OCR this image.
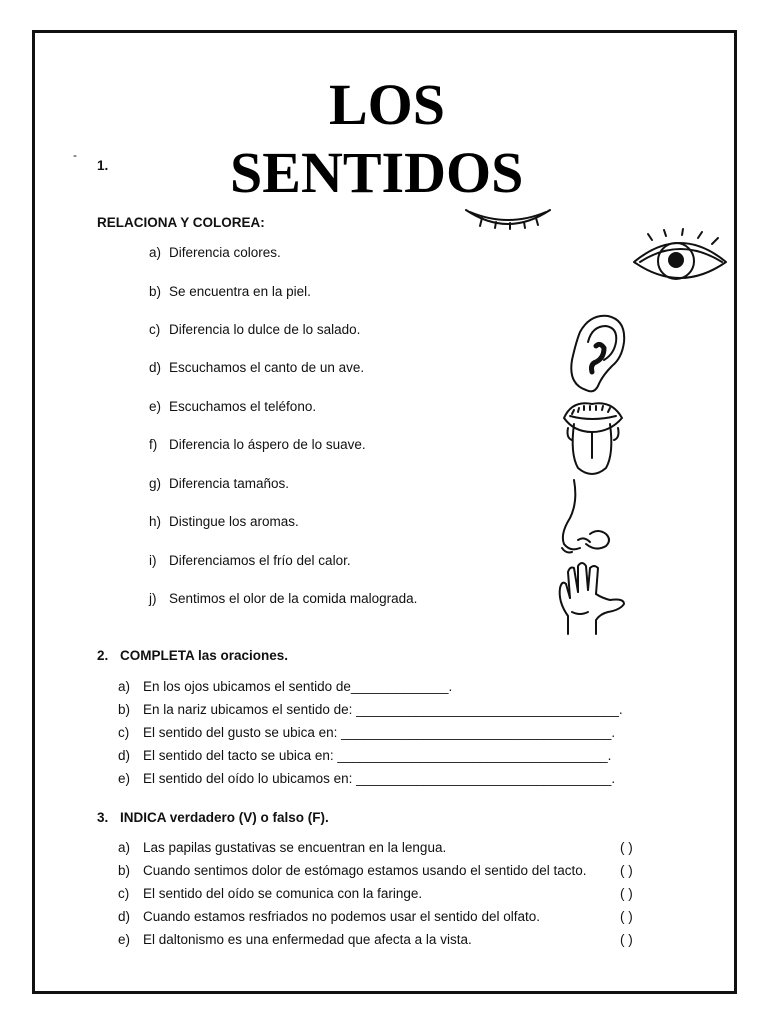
LOS
SENTIDOS
-
1.
RELACIONA Y COLOREA:
a) Diferencia colores.
b) Se encuentra en la piel.
c) Diferencia lo dulce de lo salado.
d) Escuchamos el canto de un ave.
e) Escuchamos el teléfono.
f) Diferencia lo áspero de lo suave.
g) Diferencia tamaños.
h) Distingue los aromas.
i) Diferenciamos el frío del calor.
j) Sentimos el olor de la comida malograda.
2. COMPLETA las oraciones.
a) En los ojos ubicamos el sentido de_____________.
b) En la nariz ubicamos el sentido de: ___________________________________.
c) El sentido del gusto se ubica en: ____________________________________.
d) El sentido del tacto se ubica en: ____________________________________.
e) El sentido del oído lo ubicamos en: __________________________________.
3. INDICA verdadero (V) o falso (F).
a) Las papilas gustativas se encuentran en la lengua.	( )
b) Cuando sentimos dolor de estómago estamos usando el sentido del tacto. ( )
c) El sentido del oído se comunica con la faringe.	( )
d) Cuando estamos resfriados no podemos usar el sentido del olfato.	( )
e) El daltonismo es una enfermedad que afecta a la vista.	( )
